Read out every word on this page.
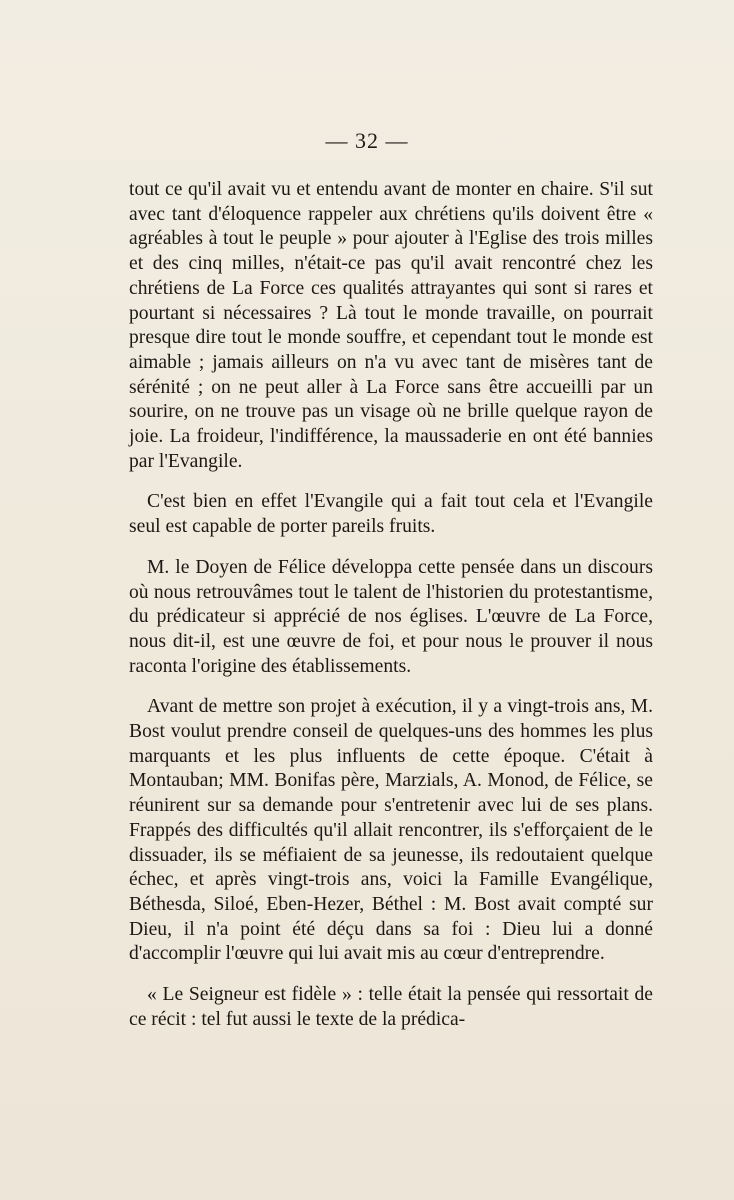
— 32 —

tout ce qu'il avait vu et entendu avant de monter en chaire. S'il sut avec tant d'éloquence rappeler aux chrétiens qu'ils doivent être « agréables à tout le peuple » pour ajouter à l'Eglise des trois milles et des cinq milles, n'était-ce pas qu'il avait rencontré chez les chrétiens de La Force ces qualités attrayantes qui sont si rares et pourtant si nécessaires ? Là tout le monde travaille, on pourrait presque dire tout le monde souffre, et cependant tout le monde est aimable ; jamais ailleurs on n'a vu avec tant de misères tant de sérénité ; on ne peut aller à La Force sans être accueilli par un sourire, on ne trouve pas un visage où ne brille quelque rayon de joie. La froideur, l'indifférence, la maussaderie en ont été bannies par l'Evangile.

C'est bien en effet l'Evangile qui a fait tout cela et l'Evangile seul est capable de porter pareils fruits.

M. le Doyen de Félice développa cette pensée dans un discours où nous retrouvâmes tout le talent de l'historien du protestantisme, du prédicateur si apprécié de nos églises. L'œuvre de La Force, nous dit-il, est une œuvre de foi, et pour nous le prouver il nous raconta l'origine des établissements.

Avant de mettre son projet à exécution, il y a vingt-trois ans, M. Bost voulut prendre conseil de quelques-uns des hommes les plus marquants et les plus influents de cette époque. C'était à Montauban; MM. Bonifas père, Marzials, A. Monod, de Félice, se réunirent sur sa demande pour s'entretenir avec lui de ses plans. Frappés des difficultés qu'il allait rencontrer, ils s'efforçaient de le dissuader, ils se méfiaient de sa jeunesse, ils redoutaient quelque échec, et après vingt-trois ans, voici la Famille Evangélique, Béthesda, Siloé, Eben-Hezer, Béthel : M. Bost avait compté sur Dieu, il n'a point été déçu dans sa foi : Dieu lui a donné d'accomplir l'œuvre qui lui avait mis au cœur d'entreprendre.

« Le Seigneur est fidèle » : telle était la pensée qui ressortait de ce récit : tel fut aussi le texte de la prédica-
